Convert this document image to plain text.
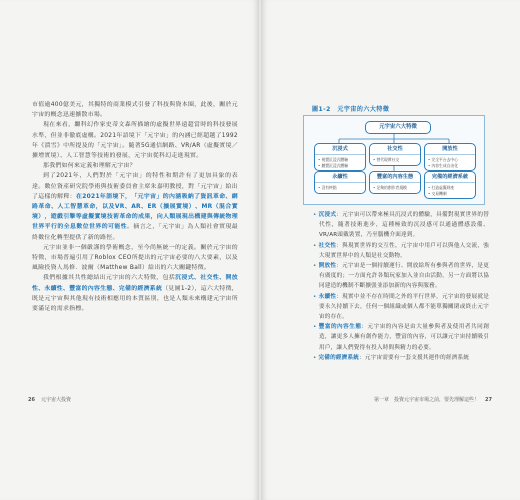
市值逾400億美元，其獨特的商業模式引發了科技與資本圈，此後，關於元宇宙的概念迅速擴散市場。

現在來看，繼科幻作家史蒂文森所描繪的虛擬世界遠超當時的科技發展水準，但並非徹底虛構。2021年語境下「元宇宙」的內涵已經超越了1992年《潰雪》中所提及的「元宇宙」。隨著5G通信網路、VR/AR（虛擬實境／擴增實境）、人工智慧等技術的發展，元宇宙從科幻走進現實。

那我們如何來定義和理解元宇宙？

到了2021年，人們對於「元宇宙」的特性和期許有了更加具象的表達。數位資產研究院學術與技術委員會主席朱嘉明教授，對「元宇宙」給出了這樣的解釋：在2021年語境下，「元宇宙」的內涵吸納了資訊革命、網路革命、人工智慧革命，以及VR、AR、ER（擴展實境）、MR（混合實境），遊戲引擎等虛擬實境技術革命的成果，向人類展現出構建與傳統物理世界平行的全息數位世界的可能性。摘言之，「元宇宙」為人類社會實現最終數位化轉型提供了新的路徑。

元宇宙並非一個嚴謹的學術概念，至今尚無統一的定義。關於元宇宙的特徵，市場普遍引用了Roblox CEO所提出的元宇宙必要的八大要素，以及風險投資人馬修．波爾（Matthew Ball）給出的六大關鍵特徵。

我們根據其共性總結出元宇宙的六大特徵，包括沉浸式、社交性、開放性、永續性、豐富的內容生態、完備的經濟系統（見圖1-2），這六大特徵，既是元宇宙與其他現有技術相應用的本質區別，也是人類未來構建元宇宙所要滿足的需求指標。

26 元宇宙大投資
圖1-2　元宇宙的六大特徵
元宇宙六大特徵
沉浸式
• 視覺沉浸式體驗
• 聽覺沉浸式體驗
社交性
• 替代現實社交
開放性
• 完全平台去中心
• 內容生成自由化
永續性
• 沒有終點
豐富的內容生態
• 足夠的創作者規模
完備的經濟系統
• 打造虛擬財產
• 交易機制

• 沉浸式：元宇宙可以帶來極具沉浸式的體驗，具備對現實世界的替代性，隨著技術進步，這種極致的沉浸感可以通過體感設備、VR/AR頭戴裝置，乃至腦機介面達到。

• 社交性：與現實世界的交互性，元宇宙中用戶可以與他人交流，強大現實世界中的人類是社交動物。

• 開放性：元宇宙是一個持續運行、開放給所有參與者的世界，是更有廣度的；一方面允許各類玩家加入並自由活動，另一方面將以協同建造的機制不斷擴張並添加新的內容與服務。

• 永續性：現實中並不存在時間之外的平行世界，元宇宙的發展就是要永久持續下去，任何一個組織或個人都不能單獨關閉或終止元宇宙的存在。

• 豐富的內容生態：元宇宙的內容是由大量參與者及使用者共同創造，讓更多人擁有創作能力，豐富的內容，可以讓元宇宙持續吸引用戶，讓人們覺得有投入時間與精力的必要。

• 完備的經濟系統：元宇宙需要有一套支援其運作的經濟系統

第一章　投資元宇宙市場之前，要先理解這些！ 27
